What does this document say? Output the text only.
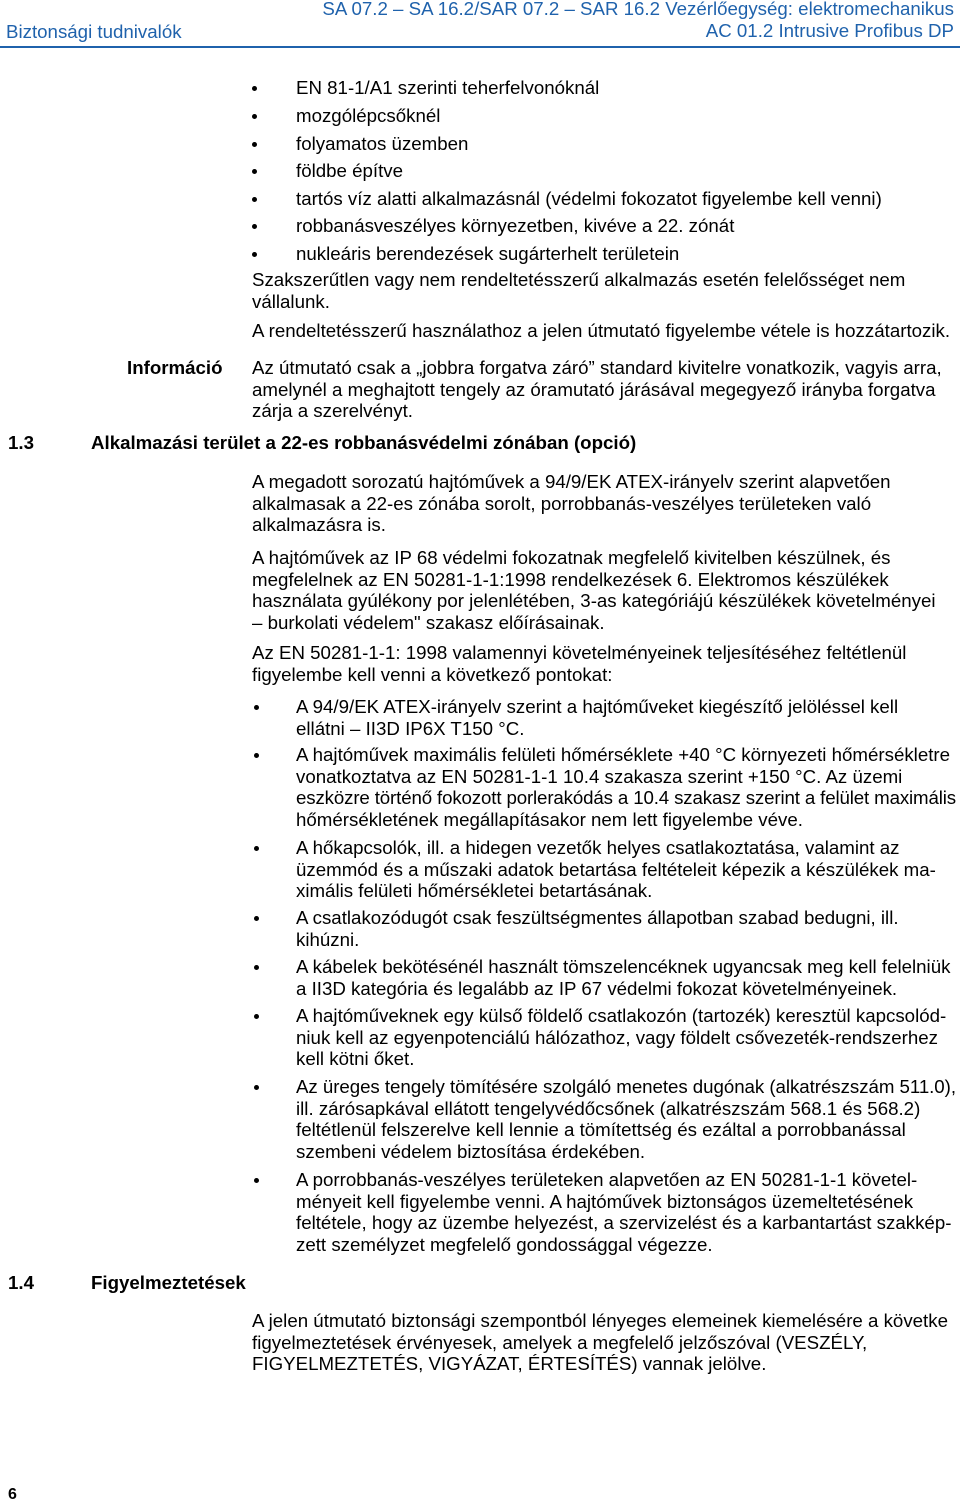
Biztonsági tudnivalók
SA 07.2 – SA 16.2/SAR 07.2 – SAR 16.2 Vezérlőegység: elektromechanikus
AC 01.2 Intrusive Profibus DP
EN 81-1/A1 szerinti teherfelvonóknál
mozgólépcsőknél
folyamatos üzemben
földbe építve
tartós víz alatti alkalmazásnál (védelmi fokozatot figyelembe kell venni)
robbanásveszélyes környezetben, kivéve a 22. zónát
nukleáris berendezések sugárterhelt területein
Szakszerűtlen vagy nem rendeltetésszerű alkalmazás esetén felelősséget nem
vállalunk.
A rendeltetésszerű használathoz a jelen útmutató figyelembe vétele is hozzátartozik.
Információ Az útmutató csak a „jobbra forgatva záró” standard kivitelre vonatkozik, vagyis arra,
amelynél a meghajtott tengely az óramutató járásával megegyező irányba forgatva
zárja a szerelvényt.
1.3	Alkalmazási terület a 22-es robbanásvédelmi zónában (opció)
A megadott sorozatú hajtóművek a 94/9/EK ATEX-irányelv szerint alapvetően
alkalmasak a 22-es zónába sorolt, porrobbanás-veszélyes területeken való
alkalmazásra is.
A hajtóművek az IP 68 védelmi fokozatnak megfelelő kivitelben készülnek, és
megfelelnek az EN 50281-1-1:1998 rendelkezések 6. Elektromos készülékek
használata gyúlékony por jelenlétében, 3-as kategóriájú készülékek követelményei
– burkolati védelem" szakasz előírásainak.
Az EN 50281-1-1: 1998 valamennyi követelményeinek teljesítéséhez feltétlenül
figyelembe kell venni a következő pontokat:
A 94/9/EK ATEX-irányelv szerint a hajtóműveket kiegészítő jelöléssel kell
ellátni – II3D IP6X T150 °C.
A hajtóművek maximális felületi hőmérséklete +40 °C környezeti hőmérsékletre
vonatkoztatva az EN 50281-1-1 10.4 szakasza szerint +150 °C. Az üzemi
eszközre történő fokozott porlerakódás a 10.4 szakasz szerint a felület maximális
hőmérsékletének megállapításakor nem lett figyelembe véve.
A hőkapcsolók, ill. a hidegen vezetők helyes csatlakoztatása, valamint az
üzemmód és a műszaki adatok betartása feltételeit képezik a készülékek ma-
ximális felületi hőmérsékletei betartásának.
A csatlakozódugót csak feszültségmentes állapotban szabad bedugni, ill.
kihúzni.
A kábelek bekötésénél használt tömszelencéknek ugyancsak meg kell felelniük
a II3D kategória és legalább az IP 67 védelmi fokozat követelményeinek.
A hajtóműveknek egy külső földelő csatlakozón (tartozék) keresztül kapcsolód-
niuk kell az egyenpotenciálú hálózathoz, vagy földelt csővezeték-rendszerhez
kell kötni őket.
Az üreges tengely tömítésére szolgáló menetes dugónak (alkatrészszám 511.0),
ill. zárósapkával ellátott tengelyvédőcsőnek (alkatrészszám 568.1 és 568.2)
feltétlenül felszerelve kell lennie a tömítettség és ezáltal a porrobbanással
szembeni védelem biztosítása érdekében.
A porrobbanás-veszélyes területeken alapvetően az EN 50281-1-1 követel-
ményeit kell figyelembe venni. A hajtóművek biztonságos üzemeltetésének
feltétele, hogy az üzembe helyezést, a szervizelést és a karbantartást szakkép-
zett személyzet megfelelő gondossággal végezze.
1.4	Figyelmeztetések
A jelen útmutató biztonsági szempontból lényeges elemeinek kiemelésére a követke
figyelmeztetések érvényesek, amelyek a megfelelő jelzőszóval (VESZÉLY,
FIGYELMEZTETÉS, VIGYÁZAT, ÉRTESÍTÉS) vannak jelölve.
6
